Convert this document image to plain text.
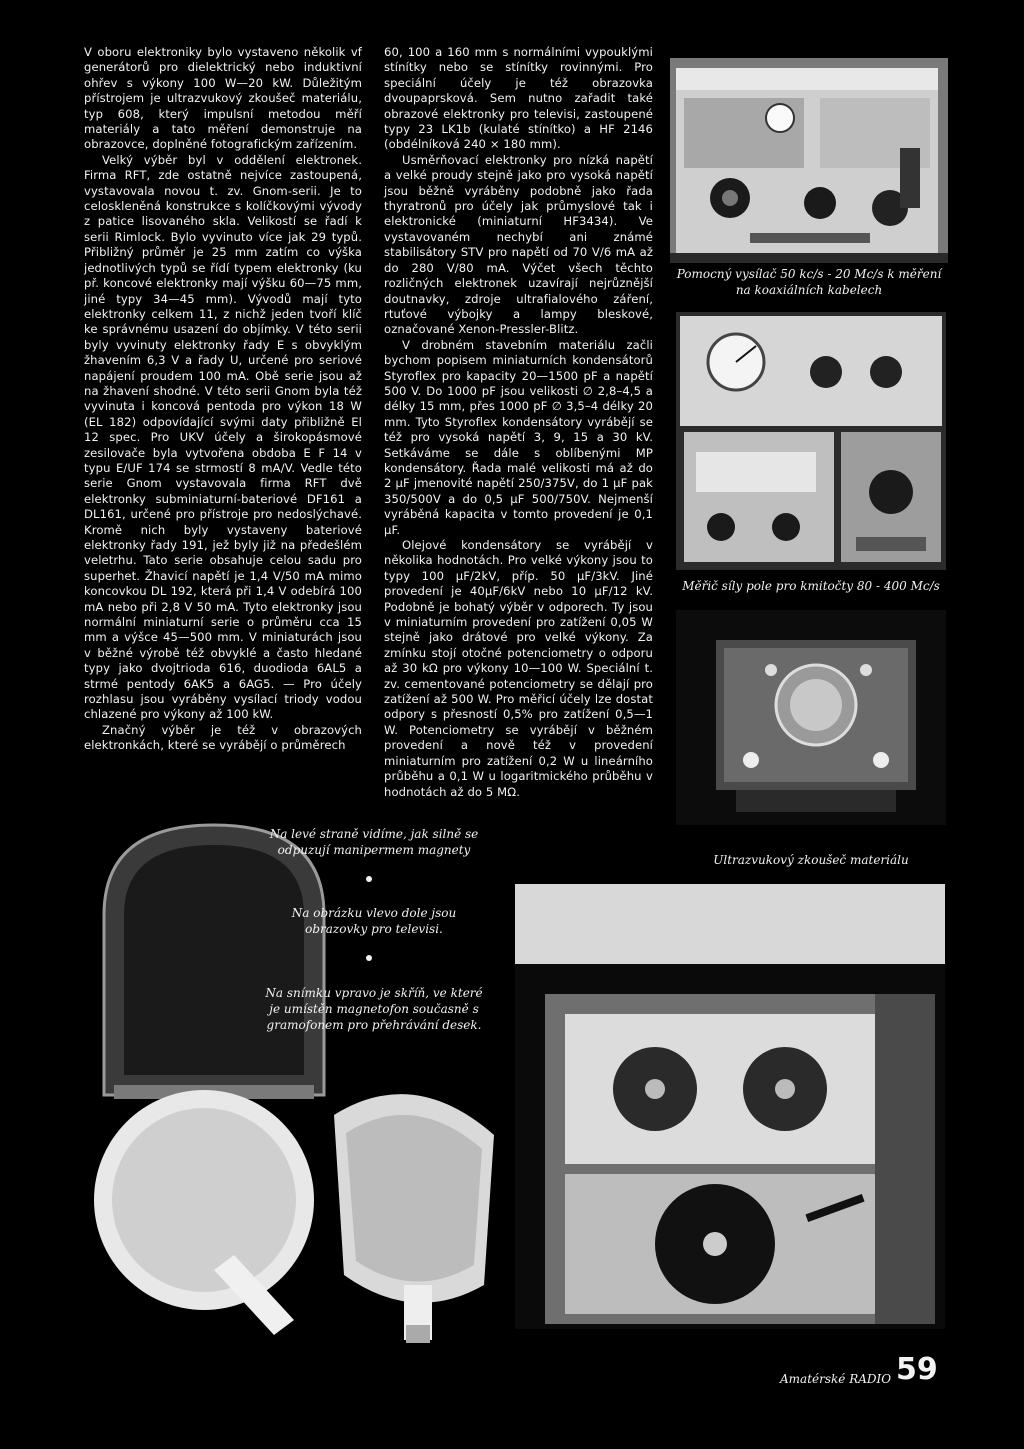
V oboru elektroniky bylo vystaveno několik vf generátorů pro dielektrický nebo induktivní ohřev s výkony 100 W—20 kW. Důležitým přístrojem je ultrazvukový zkoušeč materiálu, typ 608, který impulsní metodou měří materiály a tato měření demonstruje na obrazovce, doplněné fotografickým zařízením.

Velký výběr byl v oddělení elektronek. Firma RFT, zde ostatně nejvíce zastoupená, vystavovala novou t. zv. Gnom-serii. Je to celoskleněná konstrukce s kolíčkovými vývody z patice lisovaného skla. Velikostí se řadí k serii Rimlock. Bylo vyvinuto více jak 29 typů. Přibližný průměr je 25 mm zatím co výška jednotlivých typů se řídí typem elektronky (ku př. koncové elektronky mají výšku 60—75 mm, jiné typy 34—45 mm). Vývodů mají tyto elektronky celkem 11, z nichž jeden tvoří klíč ke správnému usazení do objímky. V této serii byly vyvinuty elektronky řady E s obvyklým žhavením 6,3 V a řady U, určené pro seriové napájení proudem 100 mA. Obě serie jsou až na žhavení shodné. V této serii Gnom byla též vyvinuta i koncová pentoda pro výkon 18 W (EL 182) odpovídající svými daty přibližně El 12 spec. Pro UKV účely a širokopásmové zesilovače byla vytvořena obdoba E F 14 v typu E/UF 174 se strmostí 8 mA/V. Vedle této serie Gnom vystavovala firma RFT dvě elektronky subminiaturní-bateriové DF161 a DL161, určené pro přístroje pro nedoslýchavé. Kromě nich byly vystaveny bateriové elektronky řady 191, jež byly již na předešlém veletrhu. Tato serie obsahuje celou sadu pro superhet. Žhavicí napětí je 1,4 V/50 mA mimo koncovkou DL 192, která při 1,4 V odebírá 100 mA nebo při 2,8 V 50 mA. Tyto elektronky jsou normální miniaturní serie o průměru cca 15 mm a výšce 45—500 mm. V miniaturách jsou v běžné výrobě též obvyklé a často hledané typy jako dvojtrioda 616, duodioda 6AL5 a strmé pentody 6AK5 a 6AG5. — Pro účely rozhlasu jsou vyráběny vysílací triody vodou chlazené pro výkony až 100 kW.

Značný výběr je též v obrazových elektronkách, které se vyrábějí o průměrech

60, 100 a 160 mm s normálními vypouklými stínítky nebo se stínítky rovinnými. Pro speciální účely je též obrazovka dvoupaprsková. Sem nutno zařadit také obrazové elektronky pro televisi, zastoupené typy 23 LK1b (kulaté stínítko) a HF 2146 (obdélníková 240 × 180 mm).

Usměrňovací elektronky pro nízká napětí a velké proudy stejně jako pro vysoká napětí jsou běžně vyráběny podobně jako řada thyratronů pro účely jak průmyslové tak i elektronické (miniaturní HF3434). Ve vystavovaném nechybí ani známé stabilisátory STV pro napětí od 70 V/6 mA až do 280 V/80 mA. Výčet všech těchto rozličných elektronek uzavírají nejrůznější doutnavky, zdroje ultrafialového záření, rtuťové výbojky a lampy bleskové, označované Xenon-Pressler-Blitz.

V drobném stavebním materiálu začli bychom popisem miniaturních kondensátorů Styroflex pro kapacity 20—1500 pF a napětí 500 V. Do 1000 pF jsou velikosti ∅ 2,8–4,5 a délky 15 mm, přes 1000 pF ∅ 3,5–4 délky 20 mm. Tyto Styroflex kondensátory vyrábějí se též pro vysoká napětí 3, 9, 15 a 30 kV. Setkáváme se dále s oblíbenými MP kondensátory. Řada malé velikosti má až do 2 μF jmenovité napětí 250/375V, do 1 μF pak 350/500V a do 0,5 μF 500/750V. Nejmenší vyráběná kapacita v tomto provedení je 0,1 μF.

Olejové kondensátory se vyrábějí v několika hodnotách. Pro velké výkony jsou to typy 100 μF/2kV, příp. 50 μF/3kV. Jiné provedení je 40μF/6kV nebo 10 μF/12 kV. Podobně je bohatý výběr v odporech. Ty jsou v miniaturním provedení pro zatížení 0,05 W stejně jako drátové pro velké výkony. Za zmínku stojí otočné potenciometry o odporu až 30 kΩ pro výkony 10—100 W. Speciální t. zv. cementované potenciometry se dělají pro zatížení až 500 W. Pro měřicí účely lze dostat odpory s přesností 0,5% pro zatížení 0,5—1 W. Potenciometry se vyrábějí v běžném provedení a nově též v provedení miniaturním pro zatížení 0,2 W u lineárního průběhu a 0,1 W u logaritmického průběhu v hodnotách až do 5 MΩ.

Pomocný vysílač 50 kc/s - 20 Mc/s k měření na koaxiálních kabelech
Měřič síly pole pro kmitočty 80 - 400 Mc/s
Ultrazvukový zkoušeč materiálu
Na levé straně vidíme, jak silně se odpuzují manipermem magnety
Na obrázku vlevo dole jsou obrazovky pro televisi.
Na snímku vpravo je skříň, ve které je umístěn magnetofon současně s gramofonem pro přehrávání desek.
Amatérské RADIO 59
